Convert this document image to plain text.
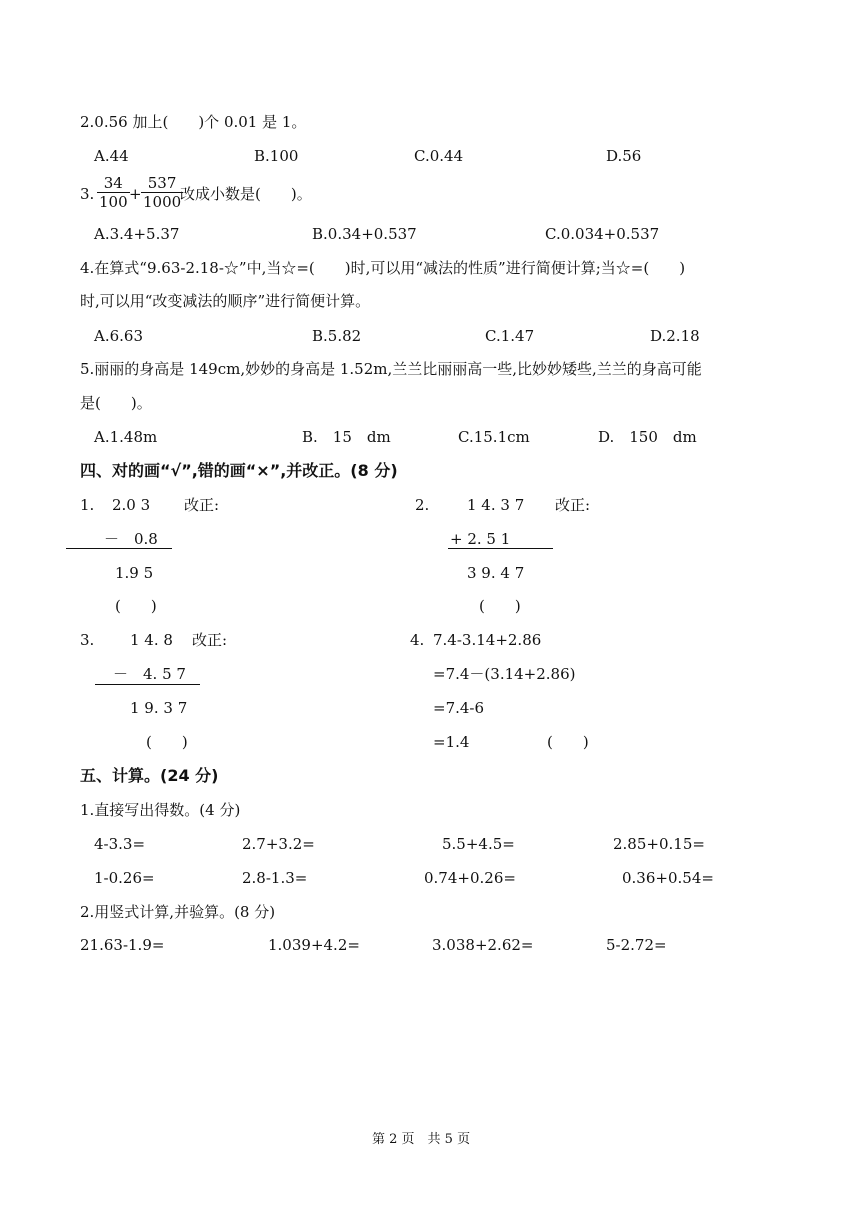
2.0.56 加上(　　)个 0.01 是 1。
A.44	B.100	C.0.44	D.56
3. $\frac{34}{100} + \frac{537}{1000}$
改成小数是(　　)。
A.3.4+5.37	B.0.34+0.537	C.0.034+0.537
4.在算式“9.63-2.18-☆”中,当☆=(　　)时,可以用“减法的性质”进行简便计算;当☆=(　　)
时,可以用“改变减法的顺序”进行简便计算。
A.6.63	B.5.82	C.1.47	D.2.18
5.丽丽的身高是 149cm,妙妙的身高是 1.52m,兰兰比丽丽高一些,比妙妙矮些,兰兰的身高可能
是(　　)。
A.1.48m	B.　15　dm	C.15.1cm	D.　150　dm
四、对的画“√”,错的画“×”,并改正。(8 分)
1. 2.0 3 改正:
－　0.8
1.9 5
(　　)
2.	1 4. 3 7 改正:
+ 2. 5 1
3 9. 4 7
(　　)
3. 1 4. 8 改正:
－　4. 5 7
1 9. 3 7
(　　)
4. 7.4-3.14+2.86
=7.4－(3.14+2.86)
=7.4-6
=1.4	(　　)
五、计算。(24 分)
1.直接写出得数。(4 分)
4-3.3=	2.7+3.2=	5.5+4.5=	2.85+0.15=
1-0.26=	2.8-1.3=	0.74+0.26=	0.36+0.54=
2.用竖式计算,并验算。(8 分)
21.63-1.9=	1.039+4.2=	3.038+2.62=	5-2.72=
第 2 页　共 5 页
